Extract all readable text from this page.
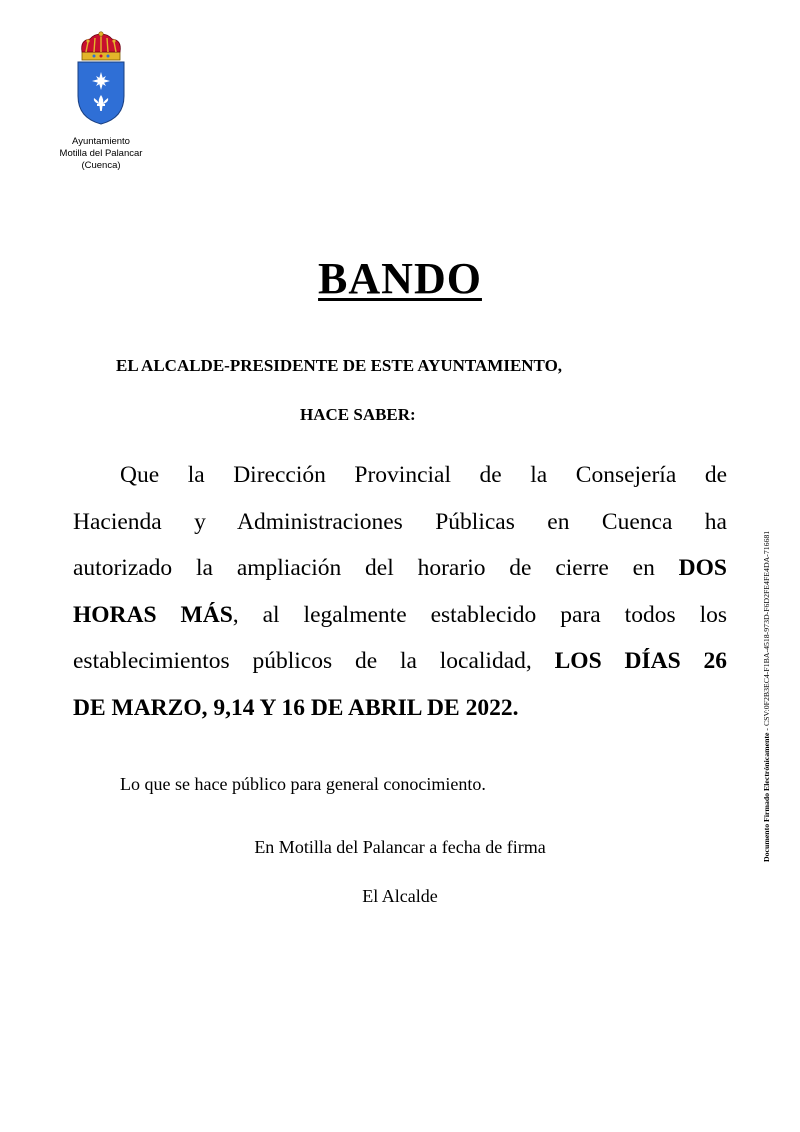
Ayuntamiento
Motilla del Palancar
(Cuenca)
BANDO
EL ALCALDE-PRESIDENTE DE ESTE AYUNTAMIENTO,
HACE SABER:
Que la Dirección Provincial de la Consejería de
Hacienda y Administraciones Públicas en Cuenca ha
autorizado la ampliación del horario de cierre en DOS
HORAS MÁS, al legalmente establecido para todos los
establecimientos públicos de la localidad, LOS DÍAS 26
DE MARZO, 9,14 Y 16 DE ABRIL DE 2022.
Lo que se hace público para general conocimiento.
En Motilla del Palancar a fecha de firma
El Alcalde
Documento Firmado Electrónicamente - CSV:0F2B3EC4-F1BA-4518-973D-F6D2FE4FE4DA-716681
